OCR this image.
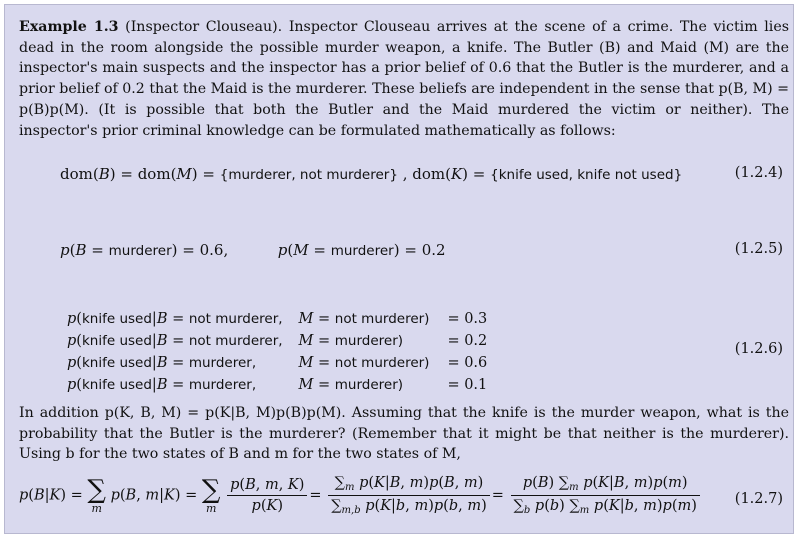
Example 1.3 (Inspector Clouseau). Inspector Clouseau arrives at the scene of a crime. The victim lies dead in the room alongside the possible murder weapon, a knife. The Butler (B) and Maid (M) are the inspector's main suspects and the inspector has a prior belief of 0.6 that the Butler is the murderer, and a prior belief of 0.2 that the Maid is the murderer. These beliefs are independent in the sense that p(B, M) = p(B)p(M). (It is possible that both the Butler and the Maid murdered the victim or neither). The inspector's prior criminal knowledge can be formulated mathematically as follows:

dom(B) = dom(M) = {murderer, not murderer} , dom(K) = {knife used, knife not used}	(1.2.4)
p(B = murderer) = 0.6,	p(M = murderer) = 0.2	(1.2.5)
p(knife used|B = not murderer,	M = not murderer)	= 0.3
p(knife used|B = not murderer,	M = murderer)	= 0.2
p(knife used|B = murderer,	M = not murderer)	= 0.6
p(knife used|B = murderer,	M = murderer)	= 0.1
(1.2.6)

In addition p(K, B, M) = p(K|B, M)p(B)p(M). Assuming that the knife is the murder weapon, what is the probability that the Butler is the murderer? (Remember that it might be that neither is the murderer). Using b for the two states of B and m for the two states of M,

p(B|K) = ∑
m
p(B, m|K) = ∑
m
$\frac{p(B, m, K)}{p(K)} = \frac{\sum_m p(K|B, m)p(B, m)}{\sum_{m,b} p(K|b, m)p(b, m)} = \frac{p(B) \sum_m p(K|B, m)p(m)}{\sum_b p(b) \sum_m p(K|b, m)p(m)} (1.2.7)$
